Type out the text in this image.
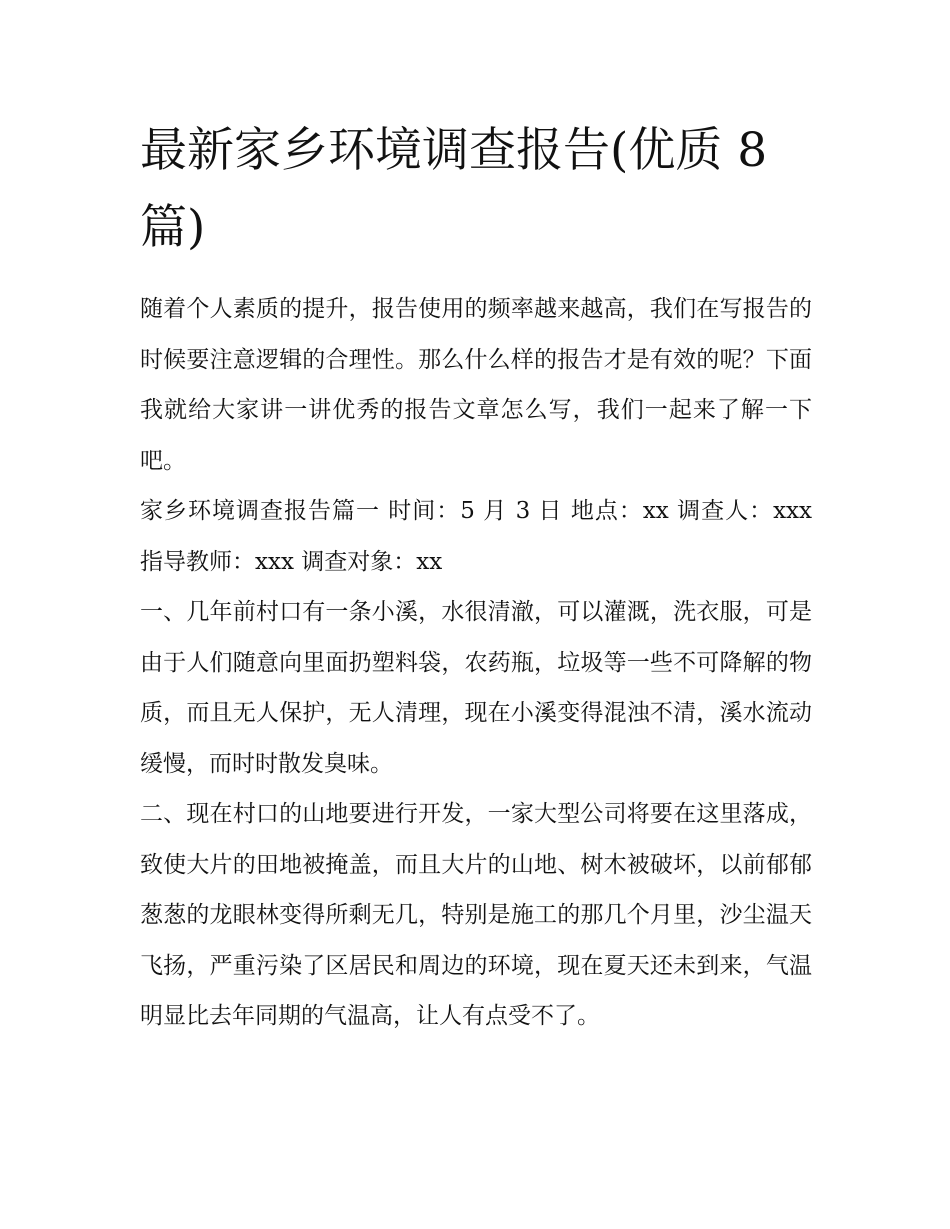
最新家乡环境调查报告(优质 8 篇)

随着个人素质的提升，报告使用的频率越来越高，我们在写报告的时候要注意逻辑的合理性。那么什么样的报告才是有效的呢？下面我就给大家讲一讲优秀的报告文章怎么写，我们一起来了解一下吧。

家乡环境调查报告篇一 时间：5 月 3 日 地点：xx 调查人：xxx 指导教师：xxx 调查对象：xx

一、几年前村口有一条小溪，水很清澈，可以灌溉，洗衣服，可是由于人们随意向里面扔塑料袋，农药瓶，垃圾等一些不可降解的物质，而且无人保护，无人清理，现在小溪变得混浊不清，溪水流动缓慢，而时时散发臭味。

二、现在村口的山地要进行开发，一家大型公司将要在这里落成，致使大片的田地被掩盖，而且大片的山地、树木被破坏，以前郁郁葱葱的龙眼林变得所剩无几，特别是施工的那几个月里，沙尘温天飞扬，严重污染了区居民和周边的环境，现在夏天还未到来，气温明显比去年同期的气温高，让人有点受不了。
